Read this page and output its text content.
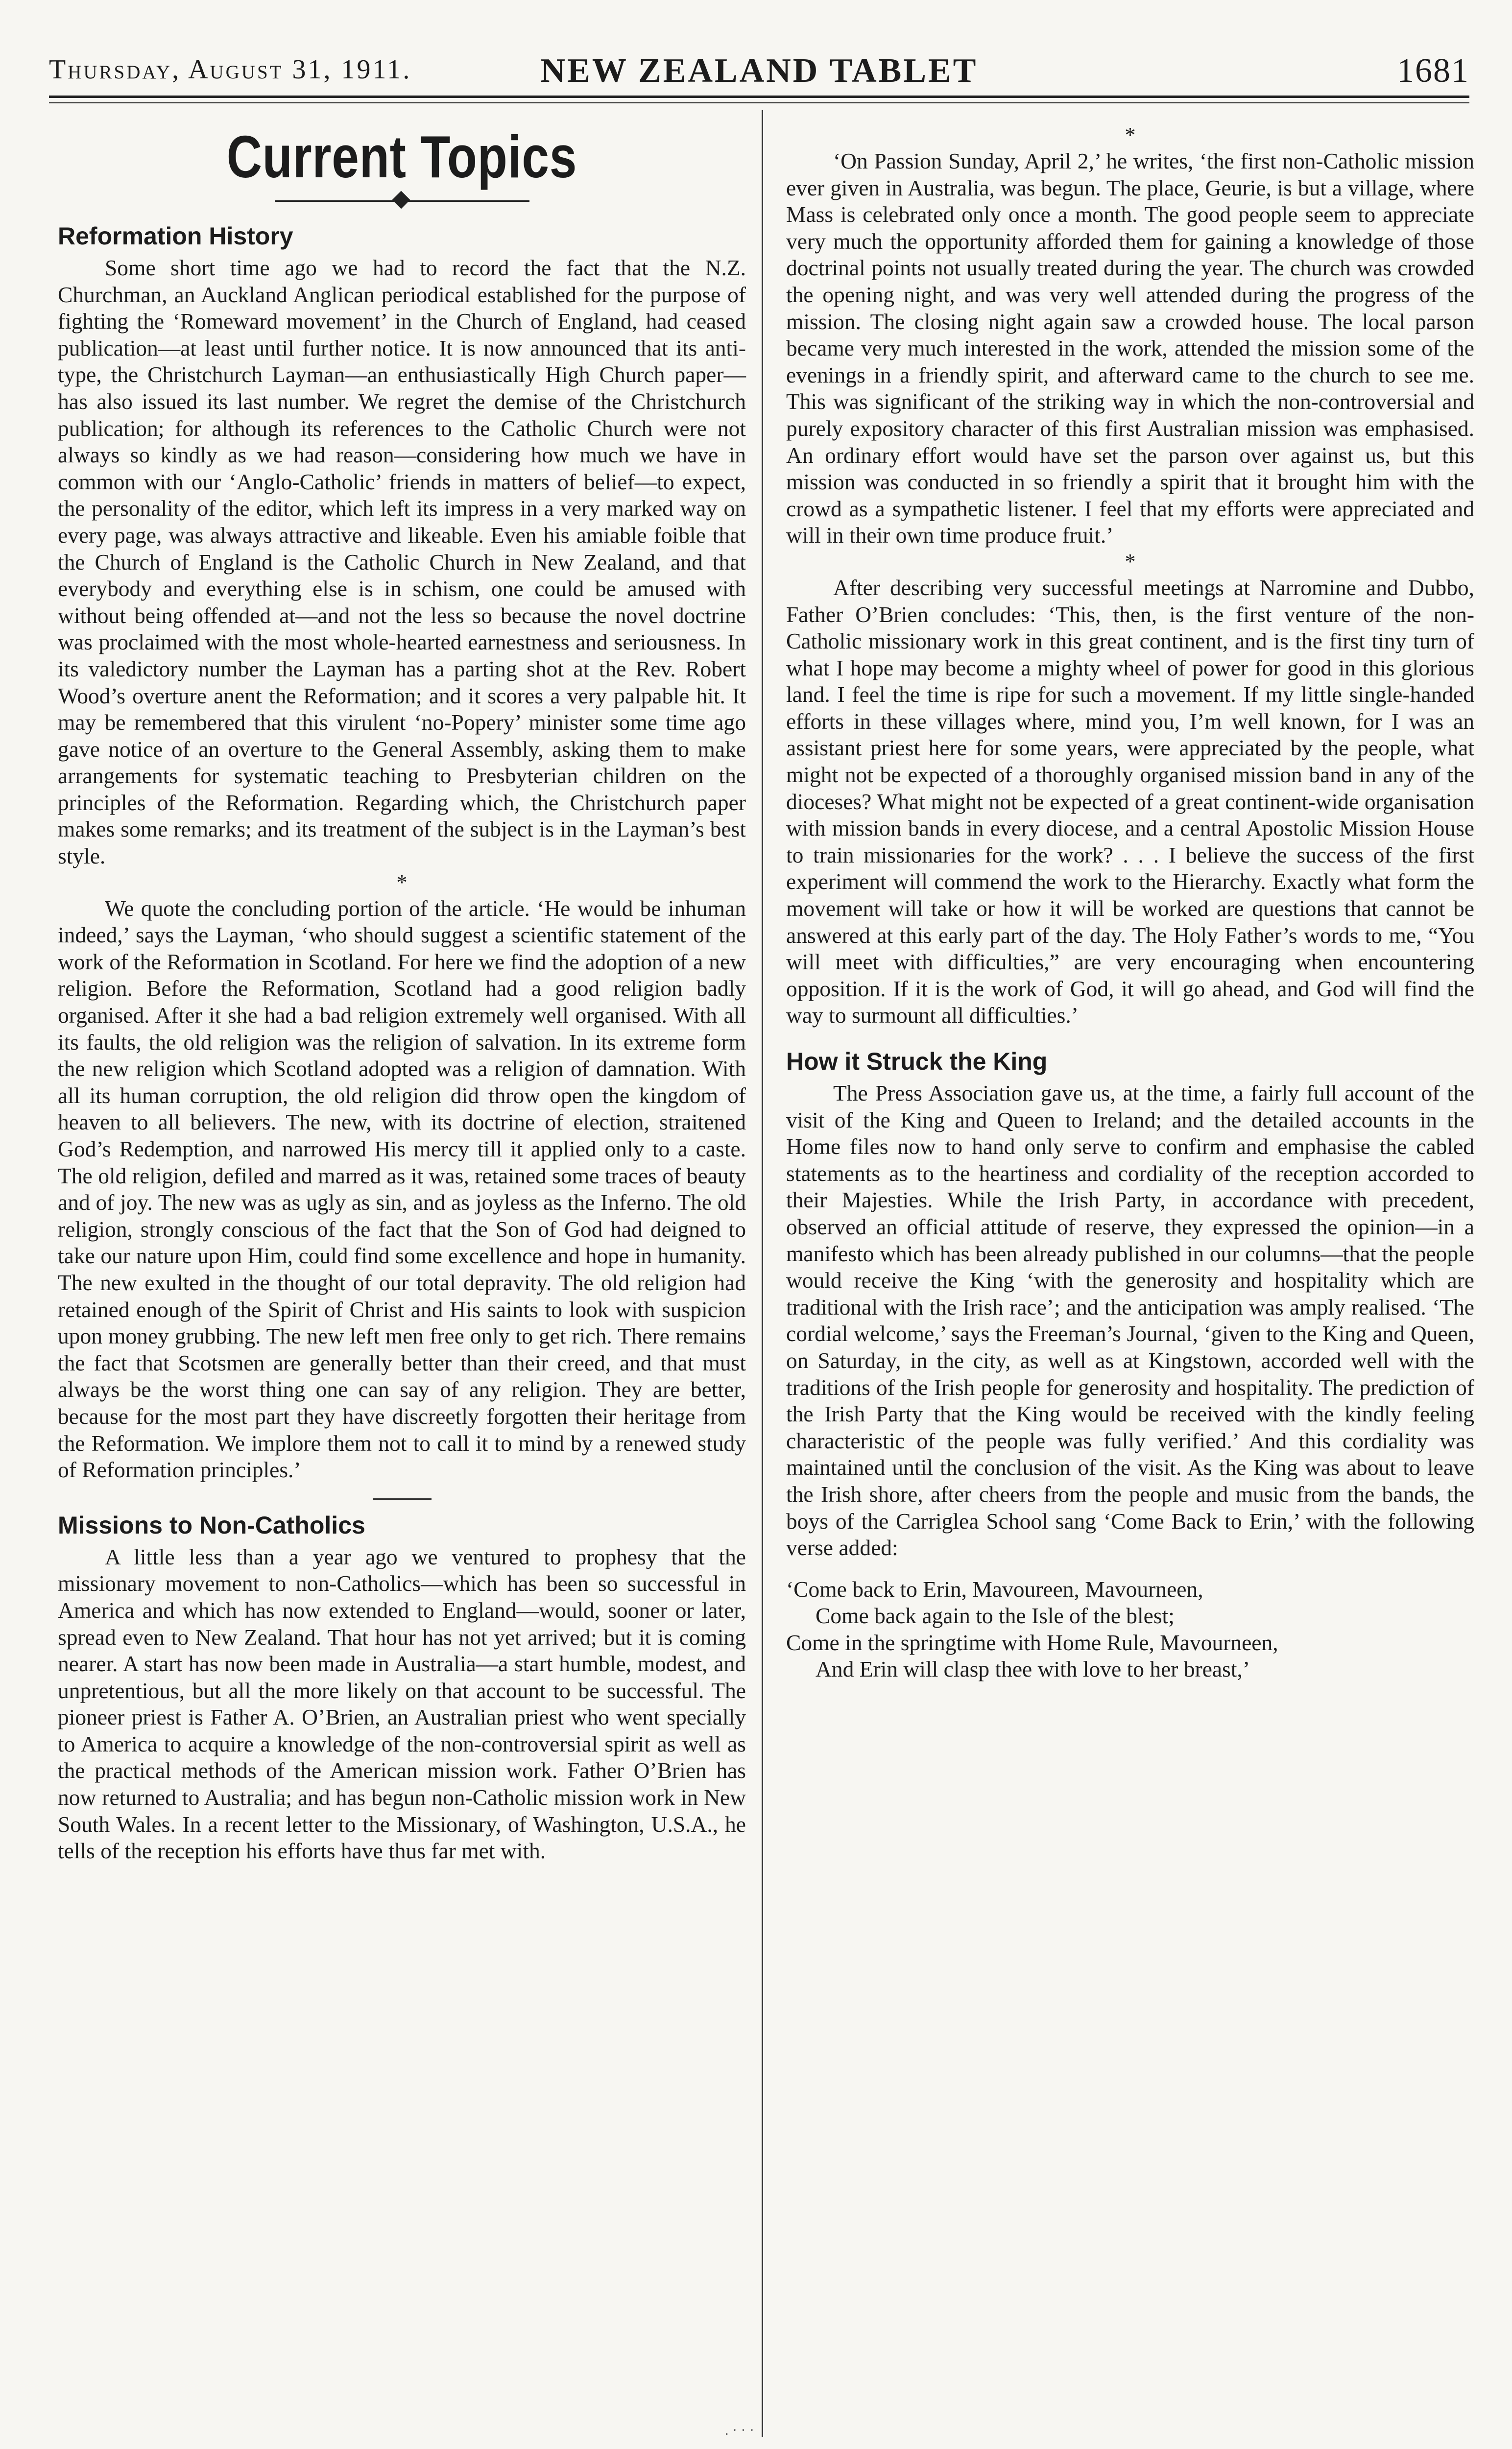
Thursday, August 31, 1911.	NEW ZEALAND TABLET	1681
Current Topics
Reformation History

Some short time ago we had to record the fact that the N.Z. Churchman, an Auckland Anglican periodical established for the purpose of fighting the ‘Romeward movement’ in the Church of England, had ceased publication—at least until further notice. It is now announced that its anti-type, the Christchurch Layman—an enthusiastically High Church paper—has also issued its last number. We regret the demise of the Christchurch publication; for although its references to the Catholic Church were not always so kindly as we had reason—considering how much we have in common with our ‘Anglo-Catholic’ friends in matters of belief—to expect, the personality of the editor, which left its impress in a very marked way on every page, was always attractive and likeable. Even his amiable foible that the Church of England is the Catholic Church in New Zealand, and that everybody and everything else is in schism, one could be amused with without being offended at—and not the less so because the novel doctrine was proclaimed with the most whole-hearted earnestness and seriousness. In its valedictory number the Layman has a parting shot at the Rev. Robert Wood’s overture anent the Reformation; and it scores a very palpable hit. It may be remembered that this virulent ‘no-Popery’ minister some time ago gave notice of an overture to the General Assembly, asking them to make arrangements for systematic teaching to Presbyterian children on the principles of the Reformation. Regarding which, the Christchurch paper makes some remarks; and its treatment of the subject is in the Layman’s best style.

*

We quote the concluding portion of the article. ‘He would be inhuman indeed,’ says the Layman, ‘who should suggest a scientific statement of the work of the Reformation in Scotland. For here we find the adoption of a new religion. Before the Reformation, Scotland had a good religion badly organised. After it she had a bad religion extremely well organised. With all its faults, the old religion was the religion of salvation. In its extreme form the new religion which Scotland adopted was a religion of damnation. With all its human corruption, the old religion did throw open the kingdom of heaven to all believers. The new, with its doctrine of election, straitened God’s Redemption, and narrowed His mercy till it applied only to a caste. The old religion, defiled and marred as it was, retained some traces of beauty and of joy. The new was as ugly as sin, and as joyless as the Inferno. The old religion, strongly conscious of the fact that the Son of God had deigned to take our nature upon Him, could find some excellence and hope in humanity. The new exulted in the thought of our total depravity. The old religion had retained enough of the Spirit of Christ and His saints to look with suspicion upon money grubbing. The new left men free only to get rich. There remains the fact that Scotsmen are generally better than their creed, and that must always be the worst thing one can say of any religion. They are better, because for the most part they have discreetly forgotten their heritage from the Reformation. We implore them not to call it to mind by a renewed study of Reformation principles.’

Missions to Non-Catholics

A little less than a year ago we ventured to prophesy that the missionary movement to non-Catholics—which has been so successful in America and which has now extended to England—would, sooner or later, spread even to New Zealand. That hour has not yet arrived; but it is coming nearer. A start has now been made in Australia—a start humble, modest, and unpretentious, but all the more likely on that account to be successful. The pioneer priest is Father A. O’Brien, an Australian priest who went specially to America to acquire a knowledge of the non-controversial spirit as well as the practical methods of the American mission work. Father O’Brien has now returned to Australia; and has begun non-Catholic mission work in New South Wales. In a recent letter to the Missionary, of Washington, U.S.A., he tells of the reception his efforts have thus far met with.

*

‘On Passion Sunday, April 2,’ he writes, ‘the first non-Catholic mission ever given in Australia, was begun. The place, Geurie, is but a village, where Mass is celebrated only once a month. The good people seem to appreciate very much the opportunity afforded them for gaining a knowledge of those doctrinal points not usually treated during the year. The church was crowded the opening night, and was very well attended during the progress of the mission. The closing night again saw a crowded house. The local parson became very much interested in the work, attended the mission some of the evenings in a friendly spirit, and afterward came to the church to see me. This was significant of the striking way in which the non-controversial and purely expository character of this first Australian mission was emphasised. An ordinary effort would have set the parson over against us, but this mission was conducted in so friendly a spirit that it brought him with the crowd as a sympathetic listener. I feel that my efforts were appreciated and will in their own time produce fruit.’

*

After describing very successful meetings at Narromine and Dubbo, Father O’Brien concludes: ‘This, then, is the first venture of the non-Catholic missionary work in this great continent, and is the first tiny turn of what I hope may become a mighty wheel of power for good in this glorious land. I feel the time is ripe for such a movement. If my little single-handed efforts in these villages where, mind you, I’m well known, for I was an assistant priest here for some years, were appreciated by the people, what might not be expected of a thoroughly organised mission band in any of the dioceses? What might not be expected of a great continent-wide organisation with mission bands in every diocese, and a central Apostolic Mission House to train missionaries for the work? . . . I believe the success of the first experiment will commend the work to the Hierarchy. Exactly what form the movement will take or how it will be worked are questions that cannot be answered at this early part of the day. The Holy Father’s words to me, “You will meet with difficulties,” are very encouraging when encountering opposition. If it is the work of God, it will go ahead, and God will find the way to surmount all difficulties.’

How it Struck the King

The Press Association gave us, at the time, a fairly full account of the visit of the King and Queen to Ireland; and the detailed accounts in the Home files now to hand only serve to confirm and emphasise the cabled statements as to the heartiness and cordiality of the reception accorded to their Majesties. While the Irish Party, in accordance with precedent, observed an official attitude of reserve, they expressed the opinion—in a manifesto which has been already published in our columns—that the people would receive the King ‘with the generosity and hospitality which are traditional with the Irish race’; and the anticipation was amply realised. ‘The cordial welcome,’ says the Freeman’s Journal, ‘given to the King and Queen, on Saturday, in the city, as well as at Kingstown, accorded well with the traditions of the Irish people for generosity and hospitality. The prediction of the Irish Party that the King would be received with the kindly feeling characteristic of the people was fully verified.’ And this cordiality was maintained until the conclusion of the visit. As the King was about to leave the Irish shore, after cheers from the people and music from the bands, the boys of the Carriglea School sang ‘Come Back to Erin,’ with the following verse added:

‘Come back to Erin, Mavoureen, Mavourneen,
Come back again to the Isle of the blest;
Come in the springtime with Home Rule, Mavourneen,
And Erin will clasp thee with love to her breast,’
. · · ·
